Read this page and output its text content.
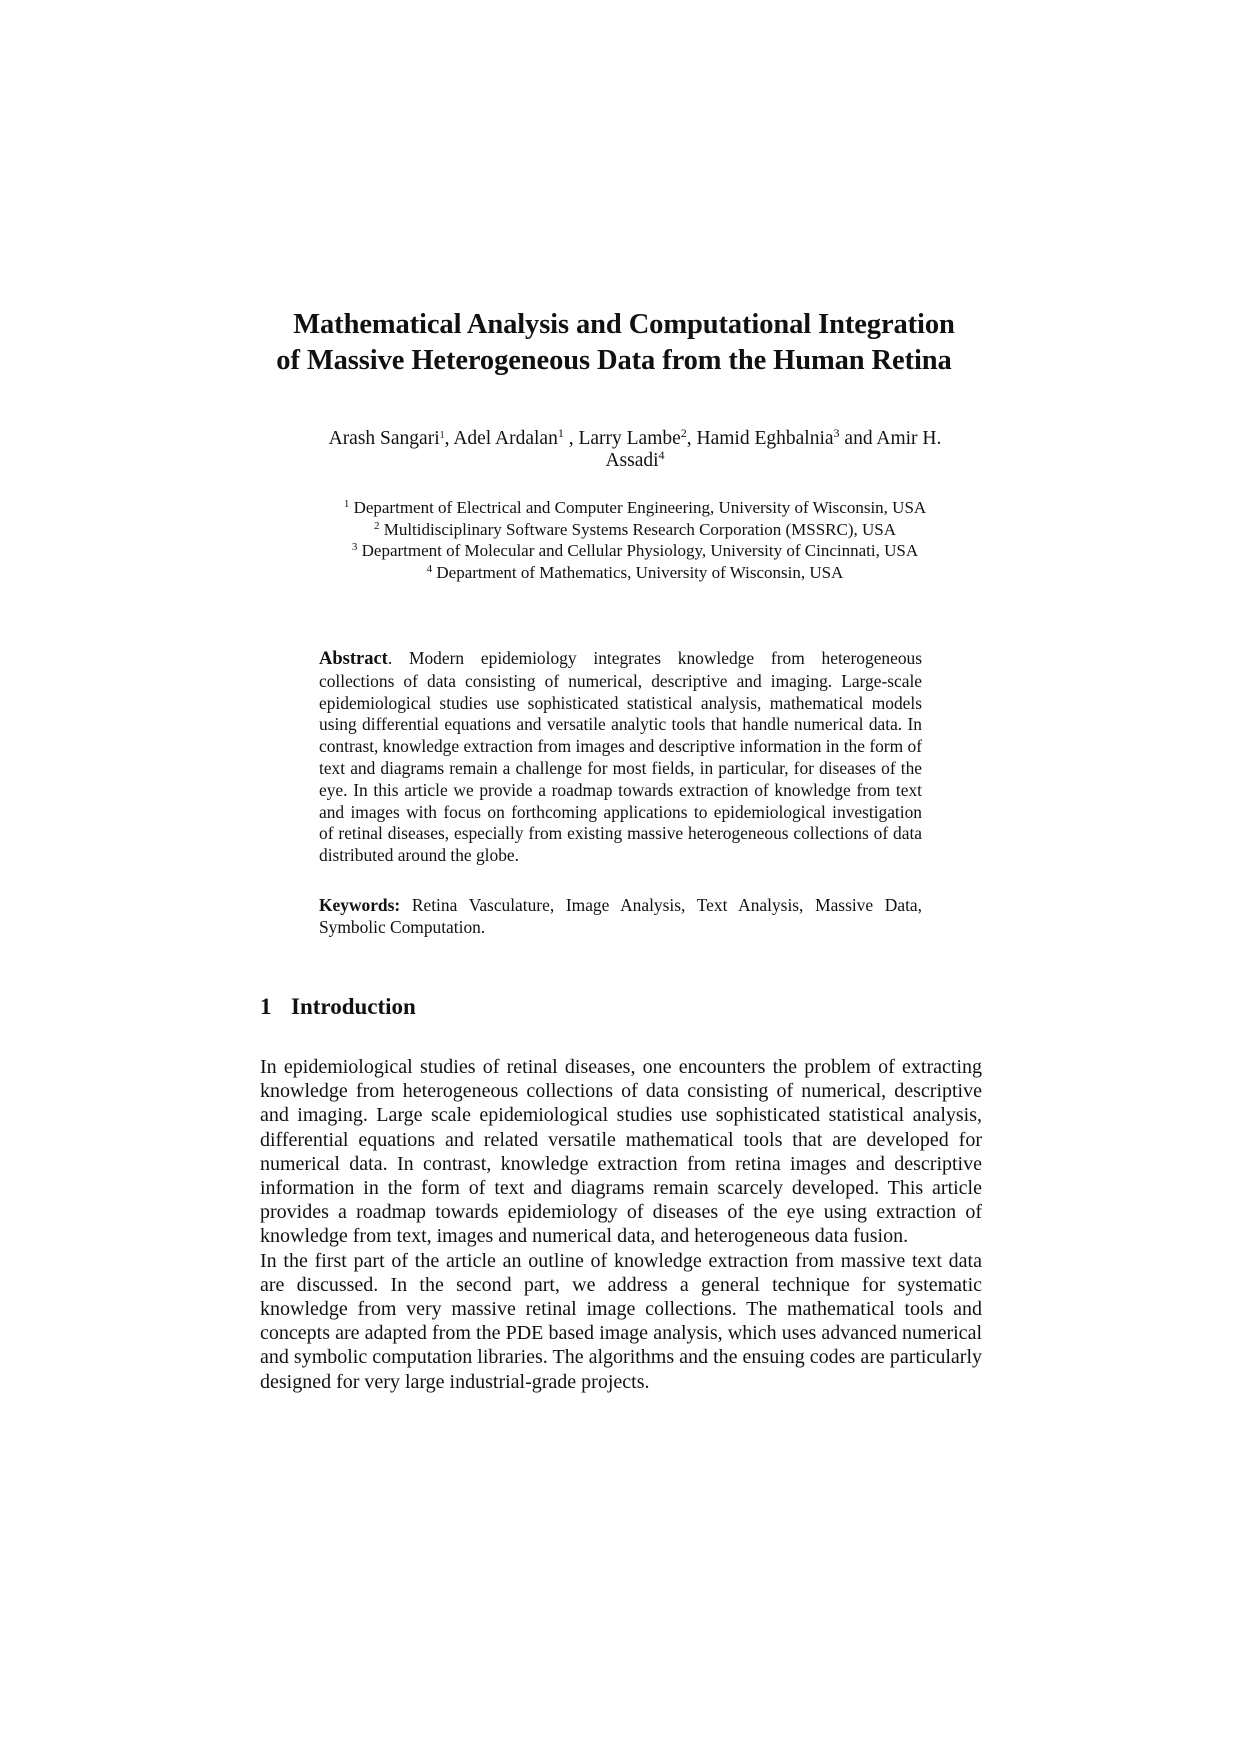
Mathematical Analysis and Computational Integration
of Massive Heterogeneous Data from the Human Retina
Arash Sangari$^1$, Adel Ardalan$^1$ , Larry Lambe$^2$, Hamid Eghbalnia$^3$ and Amir H.
Assadi$^4$
$^1$ Department of Electrical and Computer Engineering, University of Wisconsin, USA
$^2$ Multidisciplinary Software Systems Research Corporation (MSSRC), USA
$^3$ Department of Molecular and Cellular Physiology, University of Cincinnati, USA
$^4$ Department of Mathematics, University of Wisconsin, USA

Abstract. Modern epidemiology integrates knowledge from heterogeneous collections of data consisting of numerical, descriptive and imaging. Large-scale epidemiological studies use sophisticated statistical analysis, mathematical models using differential equations and versatile analytic tools that handle numerical data. In contrast, knowledge extraction from images and descriptive information in the form of text and diagrams remain a challenge for most fields, in particular, for diseases of the eye. In this article we provide a roadmap towards extraction of knowledge from text and images with focus on forthcoming applications to epidemiological investigation of retinal diseases, especially from existing massive heterogeneous collections of data distributed around the globe.

Keywords: Retina Vasculature, Image Analysis, Text Analysis, Massive Data, Symbolic Computation.

1 Introduction

In epidemiological studies of retinal diseases, one encounters the problem of extracting knowledge from heterogeneous collections of data consisting of numerical, descriptive and imaging. Large scale epidemiological studies use sophisticated statistical analysis, differential equations and related versatile mathematical tools that are developed for numerical data. In contrast, knowledge extraction from retina images and descriptive information in the form of text and diagrams remain scarcely developed. This article provides a roadmap towards epidemiology of diseases of the eye using extraction of knowledge from text, images and numerical data, and heterogeneous data fusion.

In the first part of the article an outline of knowledge extraction from massive text data are discussed. In the second part, we address a general technique for systematic knowledge from very massive retinal image collections. The mathematical tools and concepts are adapted from the PDE based image analysis, which uses advanced numerical and symbolic computation libraries. The algorithms and the ensuing codes are particularly designed for very large industrial-grade projects.
